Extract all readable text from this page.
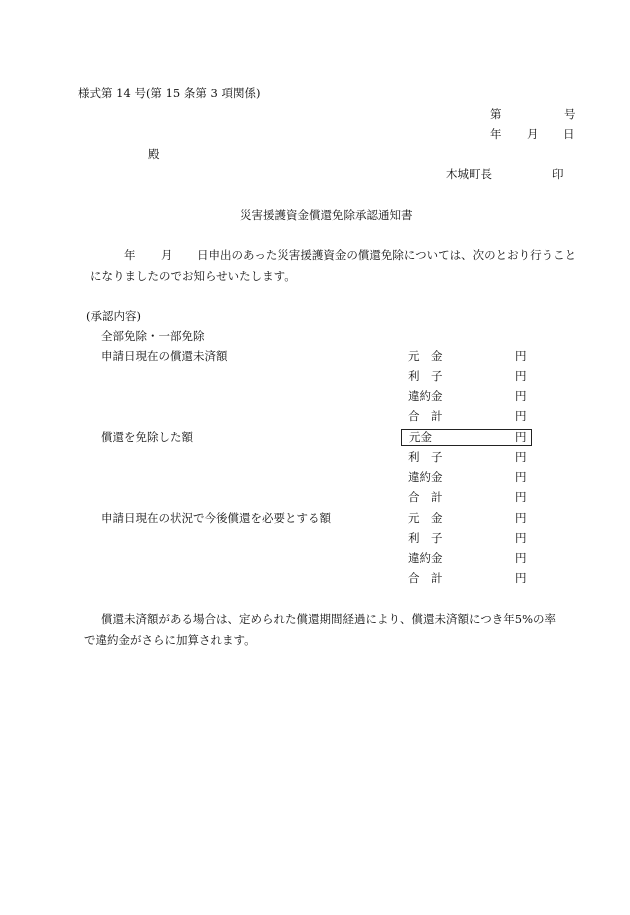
様式第 14 号(第 15 条第 3 項関係)
第	号
年 月 日
殿
木城町長	印
災害援護資金償還免除承認通知書
年 月 日申出のあった災害援護資金の償還免除については、次のとおり行うこと
になりましたのでお知らせいたします。
(承認内容)
全部免除・一部免除
申請日現在の償還未済額	元　金	円
利　子	円
違約金	円
合　計	円
償還を免除した額	元金	円
利　子	円
違約金	円
合　計	円
申請日現在の状況で今後償還を必要とする額	元　金	円
利　子	円
違約金	円
合　計	円
償還未済額がある場合は、定められた償還期間経過により、償還未済額につき年5%の率
で違約金がさらに加算されます。
